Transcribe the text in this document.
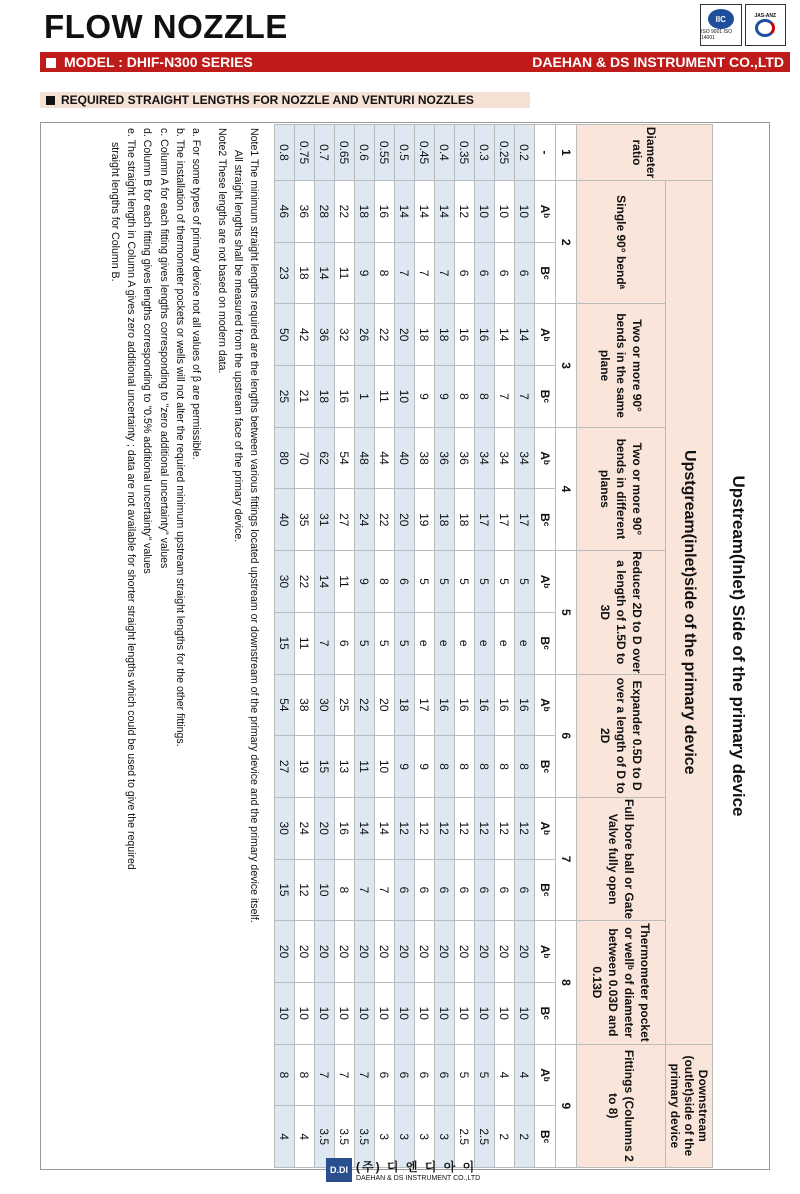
FLOW NOZZLE	IIC
ISO 9001 ISO 14001
JAS-ANZ
MODEL : DHIF-N300 SERIES	DAEHAN & DS INSTRUMENT CO.,LTD
REQUIRED STRAIGHT LENGTHS FOR NOZZLE AND VENTURI NOZZLES
Upstream(Inlet) Side of the primary device
Diameter ratio	Upstgream(inlet)side of the primary device														Downstream (outlet)side of the primary device	
	Single 90° bendᵃ		Two or more 90° bends in the same plane		Two or more 90° bends in different planes		Reducer 2D to D over a length of 1.5D to 3D		Expander 0.5D to D over a length of D to 2D		Full bore ball or Gate Valve fully open		Thermometer pocket or wellᵇ of diameter between 0.03D and 0.13D		Fittings (Columns 2 to 8)	
1	2		3		4		5		6		7		8		9	
-	Aᵇ	Bᶜ	Aᵇ	Bᶜ	Aᵇ	Bᶜ	Aᵇ	Bᶜ	Aᵇ	Bᶜ	Aᵇ	Bᶜ	Aᵇ	Bᶜ	Aᵇ	Bᶜ
0.2	10	6	14	7	34	17	5	e	16	8	12	6	20	10	4	2
0.25	10	6	14	7	34	17	5	e	16	8	12	6	20	10	4	2
0.3	10	6	16	8	34	17	5	e	16	8	12	6	20	10	5	2.5
0.35	12	6	16	8	36	18	5	e	16	8	12	6	20	10	5	2.5
0.4	14	7	18	9	36	18	5	e	16	8	12	6	20	10	6	3
0.45	14	7	18	9	38	19	5	e	17	9	12	6	20	10	6	3
0.5	14	7	20	10	40	20	6	5	18	9	12	6	20	10	6	3
0.55	16	8	22	11	44	22	8	5	20	10	14	7	20	10	6	3
0.6	18	9	26	1	48	24	9	5	22	11	14	7	20	10	7	3.5
0.65	22	11	32	16	54	27	11	6	25	13	16	8	20	10	7	3.5
0.7	28	14	36	18	62	31	14	7	30	15	20	10	20	10	7	3.5
0.75	36	18	42	21	70	35	22	11	38	19	24	12	20	10	8	4
0.8	46	23	50	25	80	40	30	15	54	27	30	15	20	10	8	4
Note1 The minimum straight lengths required are the lengths between various fittings located upstream or downstream of the primary device and the primary device itself.
All straight lengths shall be measured from the upstream face of the primary device.
Note2 These lengths are not based on modern data.
a. For some types of primary device not all values of β are permissible.
b. The installation of thermometer pockets or wells will not alter the required minimum upstream straight lengths for the other fittings.
c. Column A for each fitting gives lengths corresponding to "zero additional uncertainty" values
d. Column B for each fitting gives lengths corresponding to "0.5% additional uncertainty" values
e. The straight length in Column A gives zero additional uncertainty ; data are not available for shorter straight lengths which could be used to give the required
straight lengths for Column B.
D.DI (주) 디 엔 디 아 이
DAEHAN & DS INSTRUMENT CO.,LTD
